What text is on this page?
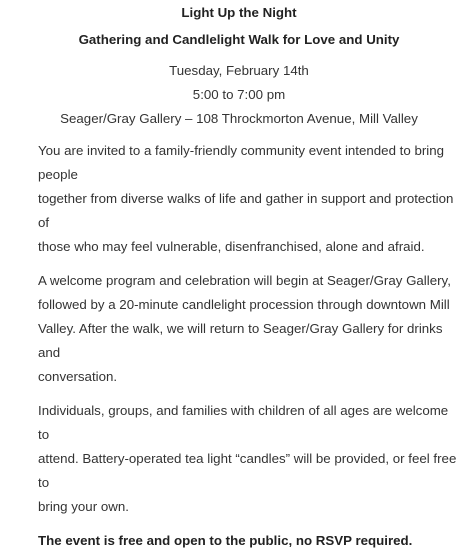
Light Up the Night
Gathering and Candlelight Walk for Love and Unity
Tuesday, February 14th
5:00 to 7:00 pm
Seager/Gray Gallery – 108 Throckmorton Avenue, Mill Valley

You are invited to a family-friendly community event intended to bring people
together from diverse walks of life and gather in support and protection of
those who may feel vulnerable, disenfranchised, alone and afraid.

A welcome program and celebration will begin at Seager/Gray Gallery,
followed by a 20-minute candlelight procession through downtown Mill
Valley. After the walk, we will return to Seager/Gray Gallery for drinks and
conversation.

Individuals, groups, and families with children of all ages are welcome to
attend. Battery-operated tea light “candles” will be provided, or feel free to
bring your own.

The event is free and open to the public, no RSVP required.
